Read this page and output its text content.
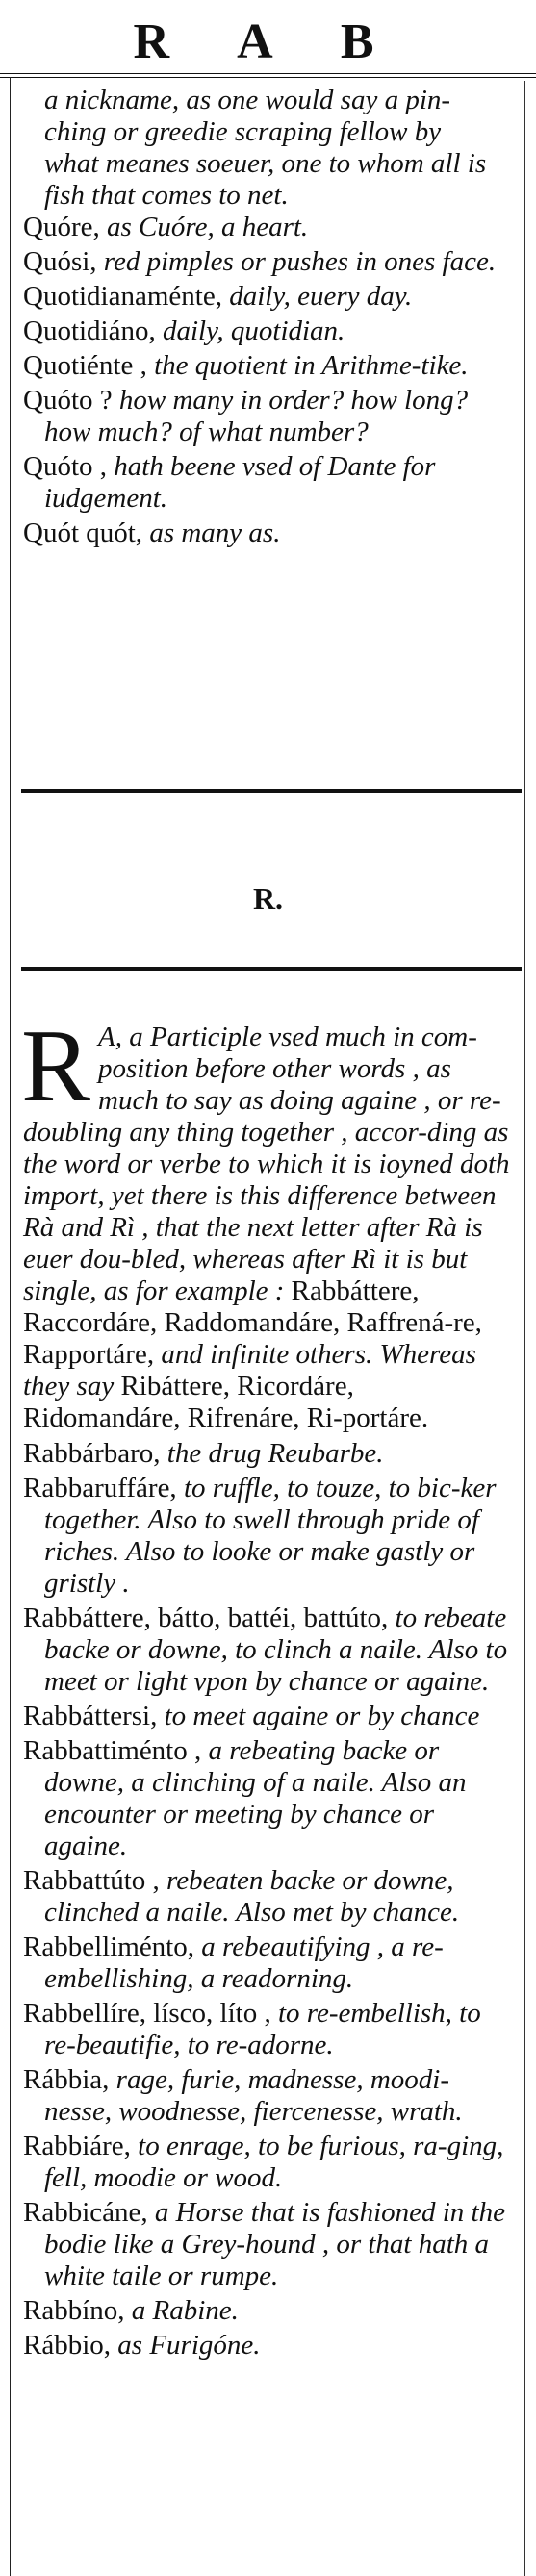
R A B
a nickname, as one would say a pin-
ching or greedie scraping fellow by
what meanes soeuer, one to whom all is
fish that comes to net.
Quóre, as Cuóre, a heart.
Quósi, red pimples or pushes in ones face.
Quotidianaménte, daily, euery day.
Quotidiáno, daily, quotidian.
Quotiénte , the quotient in Arithme-tike.
Quóto ? how many in order? how long? how much? of what number?
Quóto , hath beene vsed of Dante for iudgement.
Quót quót, as many as.
R.
R A, a Participle vsed much in com-position before other words , as much to say as doing againe , or re-doubling any thing together , accor-ding as the word or verbe to which it is ioyned doth import, yet there is this difference between Rà and Rì , that the next letter after Rà is euer dou-bled, whereas after Rì it is but single, as for example : Rabbáttere, Raccordáre, Raddomandáre, Raffrená-re, Rapportáre, and infinite others. Whereas they say Ribáttere, Ricordáre, Ridomandáre, Rifrenáre, Ri-portáre.
Rabbárbaro, the drug Reubarbe.
Rabbaruffáre, to ruffle, to touze, to bic-ker together. Also to swell through pride of riches. Also to looke or make gastly or gristly .
Rabbáttere, bátto, battéi, battúto, to rebeate backe or downe, to clinch a naile. Also to meet or light vpon by chance or againe.
Rabbáttersi, to meet againe or by chance
Rabbattiménto , a rebeating backe or downe, a clinching of a naile. Also an encounter or meeting by chance or againe.
Rabbattúto , rebeaten backe or downe, clinched a naile. Also met by chance.
Rabbelliménto, a rebeautifying , a re-embellishing, a readorning.
Rabbellíre, lísco, líto , to re-embellish, to re-beautifie, to re-adorne.
Rábbia, rage, furie, madnesse, moodi-nesse, woodnesse, fiercenesse, wrath.
Rabbiáre, to enrage, to be furious, ra-ging, fell, moodie or wood.
Rabbicáne, a Horse that is fashioned in the bodie like a Grey-hound , or that hath a white taile or rumpe.
Rabbíno, a Rabine.
Rábbio, as Furigóne.
